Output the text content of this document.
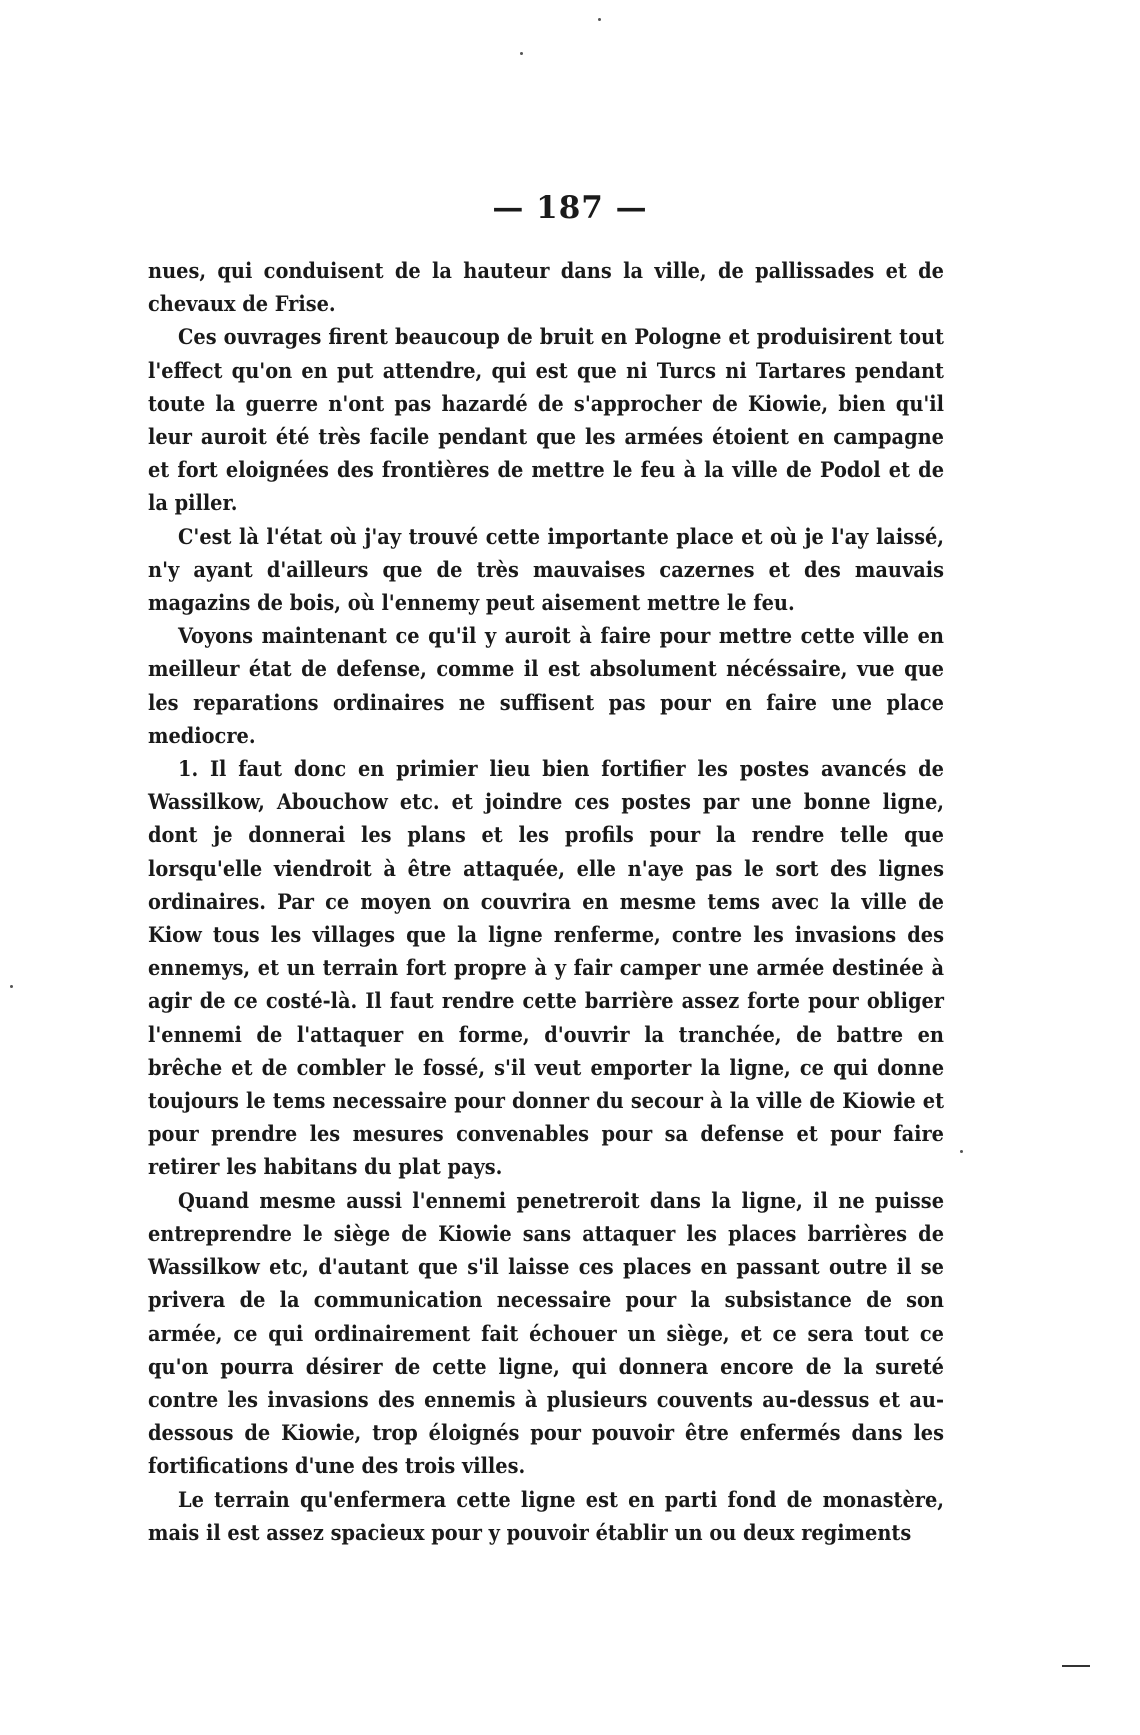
— 187 —

nues, qui conduisent de la hauteur dans la ville, de pallissades et de chevaux de Frise.

Ces ouvrages firent beaucoup de bruit en Pologne et produisirent tout l'effect qu'on en put attendre, qui est que ni Turcs ni Tartares pendant toute la guerre n'ont pas hazardé de s'approcher de Kiowie, bien qu'il leur auroit été très facile pendant que les armées étoient en campagne et fort eloignées des frontières de mettre le feu à la ville de Podol et de la piller.

C'est là l'état où j'ay trouvé cette importante place et où je l'ay laissé, n'y ayant d'ailleurs que de très mauvaises cazernes et des mauvais magazins de bois, où l'ennemy peut aisement mettre le feu.

Voyons maintenant ce qu'il y auroit à faire pour mettre cette ville en meilleur état de defense, comme il est absolument nécéssaire, vue que les reparations ordinaires ne suffisent pas pour en faire une place mediocre.

1. Il faut donc en primier lieu bien fortifier les postes avancés de Wassilkow, Abouchow etc. et joindre ces postes par une bonne ligne, dont je donnerai les plans et les profils pour la rendre telle que lorsqu'elle viendroit à être attaquée, elle n'aye pas le sort des lignes ordinaires. Par ce moyen on couvrira en mesme tems avec la ville de Kiow tous les villages que la ligne renferme, contre les invasions des ennemys, et un terrain fort propre à y fair camper une armée destinée à agir de ce costé-là. Il faut rendre cette barrière assez forte pour obliger l'ennemi de l'attaquer en forme, d'ouvrir la tranchée, de battre en brêche et de combler le fossé, s'il veut emporter la ligne, ce qui donne toujours le tems necessaire pour donner du secour à la ville de Kiowie et pour prendre les mesures convenables pour sa defense et pour faire retirer les habitans du plat pays.

Quand mesme aussi l'ennemi penetreroit dans la ligne, il ne puisse entreprendre le siège de Kiowie sans attaquer les places barrières de Wassilkow etc, d'autant que s'il laisse ces places en passant outre il se privera de la communication necessaire pour la subsistance de son armée, ce qui ordinairement fait échouer un siège, et ce sera tout ce qu'on pourra désirer de cette ligne, qui donnera encore de la sureté contre les invasions des ennemis à plusieurs couvents au-dessus et au-dessous de Kiowie, trop éloignés pour pouvoir être enfermés dans les fortifications d'une des trois villes.

Le terrain qu'enfermera cette ligne est en parti fond de monastère, mais il est assez spacieux pour y pouvoir établir un ou deux regiments
